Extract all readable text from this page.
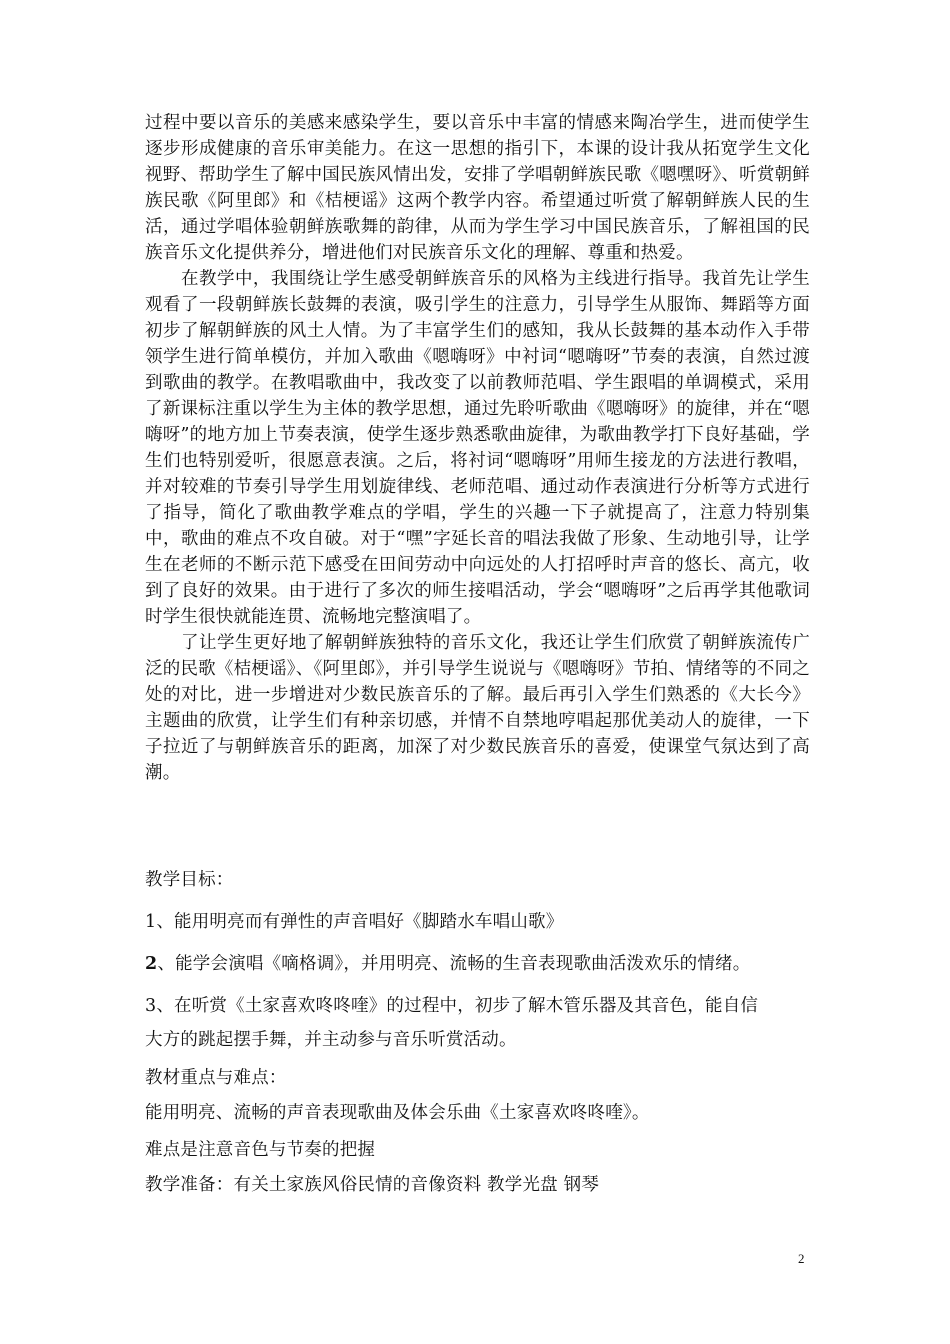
过程中要以音乐的美感来感染学生，要以音乐中丰富的情感来陶冶学生，进而使学生逐步形成健康的音乐审美能力。在这一思想的指引下，本课的设计我从拓宽学生文化视野、帮助学生了解中国民族风情出发，安排了学唱朝鲜族民歌《嗯嘿呀》、听赏朝鲜族民歌《阿里郎》和《桔梗谣》这两个教学内容。希望通过听赏了解朝鲜族人民的生活，通过学唱体验朝鲜族歌舞的韵律，从而为学生学习中国民族音乐，了解祖国的民族音乐文化提供养分，增进他们对民族音乐文化的理解、尊重和热爱。

在教学中，我围绕让学生感受朝鲜族音乐的风格为主线进行指导。我首先让学生观看了一段朝鲜族长鼓舞的表演，吸引学生的注意力，引导学生从服饰、舞蹈等方面初步了解朝鲜族的风土人情。为了丰富学生们的感知，我从长鼓舞的基本动作入手带领学生进行简单模仿，并加入歌曲《嗯嗨呀》中衬词“嗯嗨呀”节奏的表演，自然过渡到歌曲的教学。在教唱歌曲中，我改变了以前教师范唱、学生跟唱的单调模式，采用了新课标注重以学生为主体的教学思想，通过先聆听歌曲《嗯嗨呀》的旋律，并在“嗯嗨呀”的地方加上节奏表演，使学生逐步熟悉歌曲旋律，为歌曲教学打下良好基础，学生们也特别爱听，很愿意表演。之后，将衬词“嗯嗨呀”用师生接龙的方法进行教唱，并对较难的节奏引导学生用划旋律线、老师范唱、通过动作表演进行分析等方式进行了指导，简化了歌曲教学难点的学唱，学生的兴趣一下子就提高了，注意力特别集中，歌曲的难点不攻自破。对于“嘿”字延长音的唱法我做了形象、生动地引导，让学生在老师的不断示范下感受在田间劳动中向远处的人打招呼时声音的悠长、高亢，收到了良好的效果。由于进行了多次的师生接唱活动，学会“嗯嗨呀”之后再学其他歌词时学生很快就能连贯、流畅地完整演唱了。

了让学生更好地了解朝鲜族独特的音乐文化，我还让学生们欣赏了朝鲜族流传广泛的民歌《桔梗谣》、《阿里郎》，并引导学生说说与《嗯嗨呀》节拍、情绪等的不同之处的对比，进一步增进对少数民族音乐的了解。最后再引入学生们熟悉的《大长今》主题曲的欣赏，让学生们有种亲切感，并情不自禁地哼唱起那优美动人的旋律，一下子拉近了与朝鲜族音乐的距离，加深了对少数民族音乐的喜爱，使课堂气氛达到了高潮。

教学目标：

1、能用明亮而有弹性的声音唱好《脚踏水车唱山歌》

2、能学会演唱《嘀格调》，并用明亮、流畅的生音表现歌曲活泼欢乐的情绪。

3、在听赏《土家喜欢咚咚喹》的过程中，初步了解木管乐器及其音色，能自信

大方的跳起摆手舞，并主动参与音乐听赏活动。

教材重点与难点：

能用明亮、流畅的声音表现歌曲及体会乐曲《土家喜欢咚咚喹》。

难点是注意音色与节奏的把握

教学准备：有关土家族风俗民情的音像资料 教学光盘 钢琴

2
